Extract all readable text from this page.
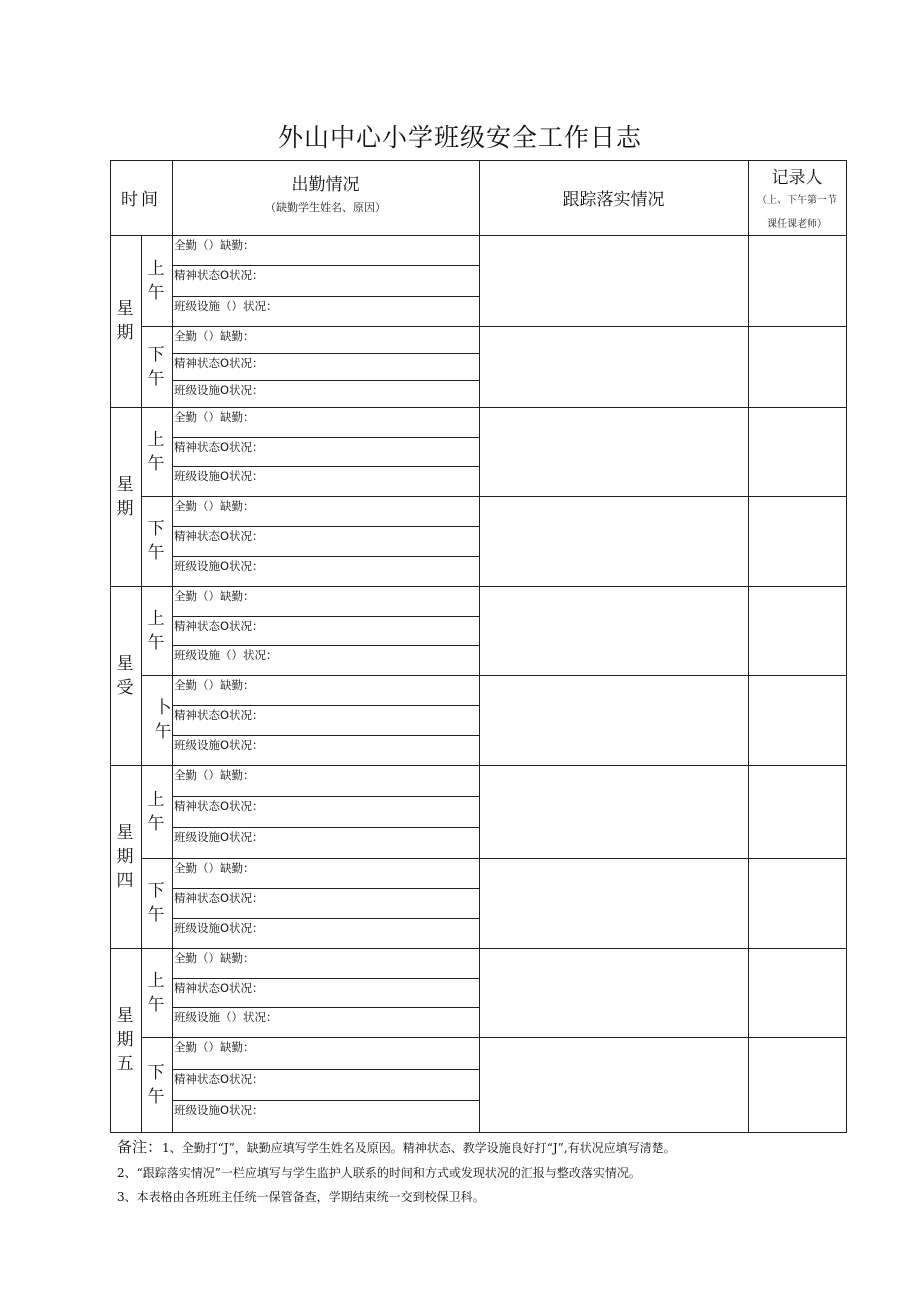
外山中心小学班级安全工作日志
时间
出勤情况
（缺勤学生姓名、原因）	跟踪落实情况
记录人
（上、下午第一节
课任课老师）
星
期
上
午
全勤（）缺勤：
精神状态O状况：
班级设施（）状况：
下
午
全勤（）缺勤：
精神状态O状况：
班级设施O状况：
星
期
上
午
全勤（）缺勤：
精神状态O状况：
班级设施O状况：
下
午
全勤（）缺勤：
精神状态O状况：
班级设施O状况：
星
受
上
午
全勤（）缺勤：
精神状态O状况：
班级设施（）状况：
卜
午
全勤（）缺勤：
精神状态O状况：
班级设施O状况：
星
期
四
上
午
全勤（）缺勤：
精神状态O状况：
班级设施O状况：
下
午
全勤（）缺勤：
精神状态O状况：
班级设施O状况：
星
期
五
上
午
全勤（）缺勤：
精神状态O状况：
班级设施（）状况：
下
午
全勤（）缺勤：
精神状态O状况：
班级设施O状况：
备注：1、全勤打“J”，缺勤应填写学生姓名及原因。精神状态、教学设施良好打“J”,有状况应填写清楚。
2、“跟踪落实情况”一栏应填写与学生监护人联系的时间和方式或发现状况的汇报与整改落实情况。
3、本表格由各班班主任统一保管备查，学期结束统一交到校保卫科。
